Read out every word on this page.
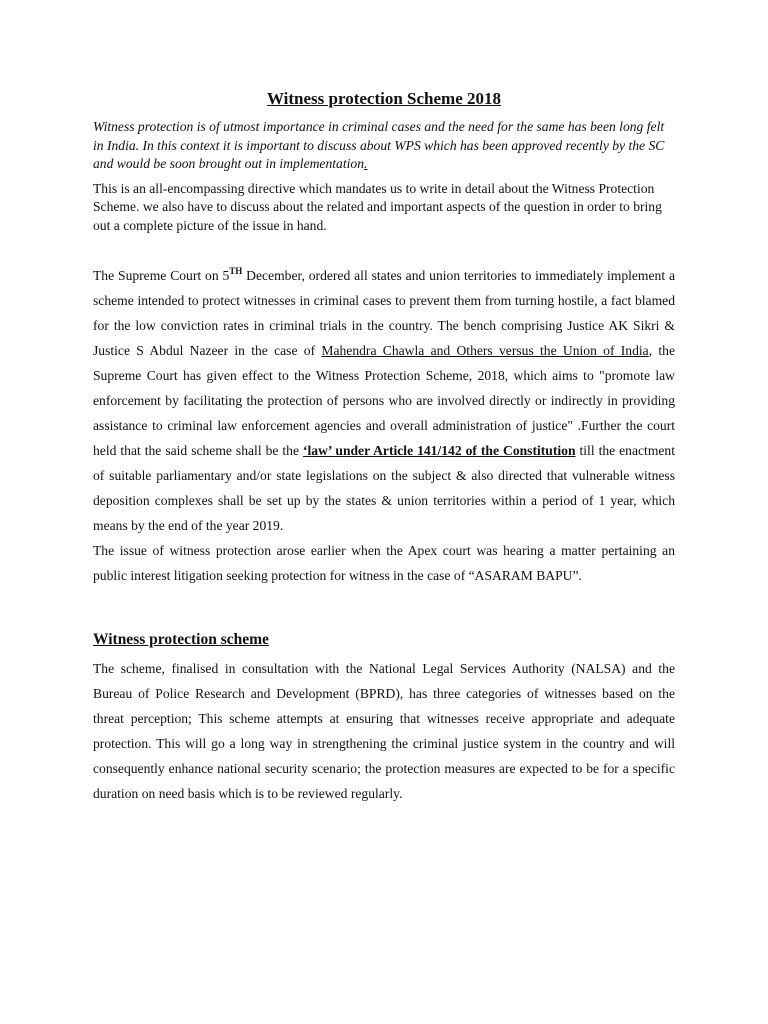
Witness protection Scheme 2018

Witness protection is of utmost importance in criminal cases and the need for the same has been long felt in India. In this context it is important to discuss about WPS which has been approved recently by the SC and would be soon brought out in implementation.

This is an all-encompassing directive which mandates us to write in detail about the Witness Protection Scheme. we also have to discuss about the related and important aspects of the question in order to bring out a complete picture of the issue in hand.

The Supreme Court on 5TH December, ordered all states and union territories to immediately implement a scheme intended to protect witnesses in criminal cases to prevent them from turning hostile, a fact blamed for the low conviction rates in criminal trials in the country. The bench comprising Justice AK Sikri & Justice S Abdul Nazeer in the case of Mahendra Chawla and Others versus the Union of India, the Supreme Court has given effect to the Witness Protection Scheme, 2018, which aims to "promote law enforcement by facilitating the protection of persons who are involved directly or indirectly in providing assistance to criminal law enforcement agencies and overall administration of justice" .Further the court held that the said scheme shall be the ‘law’ under Article 141/142 of the Constitution till the enactment of suitable parliamentary and/or state legislations on the subject & also directed that vulnerable witness deposition complexes shall be set up by the states & union territories within a period of 1 year, which means by the end of the year 2019.

The issue of witness protection arose earlier when the Apex court was hearing a matter pertaining an public interest litigation seeking protection for witness in the case of “ASARAM BAPU”.

Witness protection scheme

The scheme, finalised in consultation with the National Legal Services Authority (NALSA) and the Bureau of Police Research and Development (BPRD), has three categories of witnesses based on the threat perception; This scheme attempts at ensuring that witnesses receive appropriate and adequate protection. This will go a long way in strengthening the criminal justice system in the country and will consequently enhance national security scenario; the protection measures are expected to be for a specific duration on need basis which is to be reviewed regularly.
